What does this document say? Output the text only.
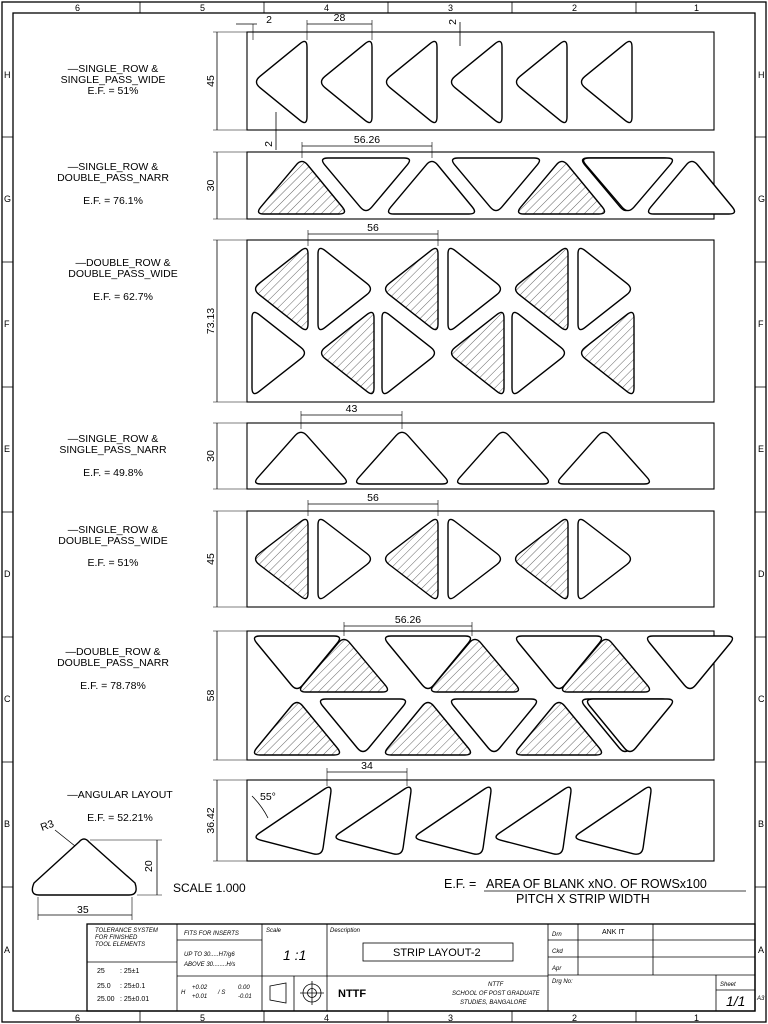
6
6
5
5
4
4
3
3
2
2
1
1
H	H
G	G
F	F
E	E
D	D
C	C
B	B
A	A
—SINGLE_ROW &
SINGLE_PASS_WIDE
E.F. = 51%
—SINGLE_ROW &
DOUBLE_PASS_NARR
E.F. = 76.1%
—DOUBLE_ROW &
DOUBLE_PASS_WIDE
E.F. = 62.7%
—SINGLE_ROW &
SINGLE_PASS_NARR
E.F. = 49.8%
—SINGLE_ROW &
DOUBLE_PASS_WIDE
E.F. = 51%
—DOUBLE_ROW &
DOUBLE_PASS_NARR
E.F. = 78.78%
—ANGULAR LAYOUT
E.F. = 52.21%
45
30
73.13
30
45
58
36.42
28
56.26
56
43
56
56.26
34
2	2
2
55°
R3
20
35
SCALE 1.000	E.F. = AREA OF BLANK xNO. OF ROWSx100
PITCH X STRIP WIDTH
TOLERANCE SYSTEM
FOR FINISHED
TOOL ELEMENTS
25 : 25±1
25.0 : 25±0.1
25.00 : 25±0.01
FITS FOR INSERTS
UP TO 30.....H7/g6
ABOVE 30........H/s
H
+0.02
+0.01
/ S
0.00
-0.01
Scale
1 :1
Description
STRIP LAYOUT-2
NTTF
NTTF
SCHOOL OF POST GRADUATE
STUDIES, BANGALORE
Drn	ANK IT
Ckd
Apr
Drg No:	Sheet
1/1 A3
